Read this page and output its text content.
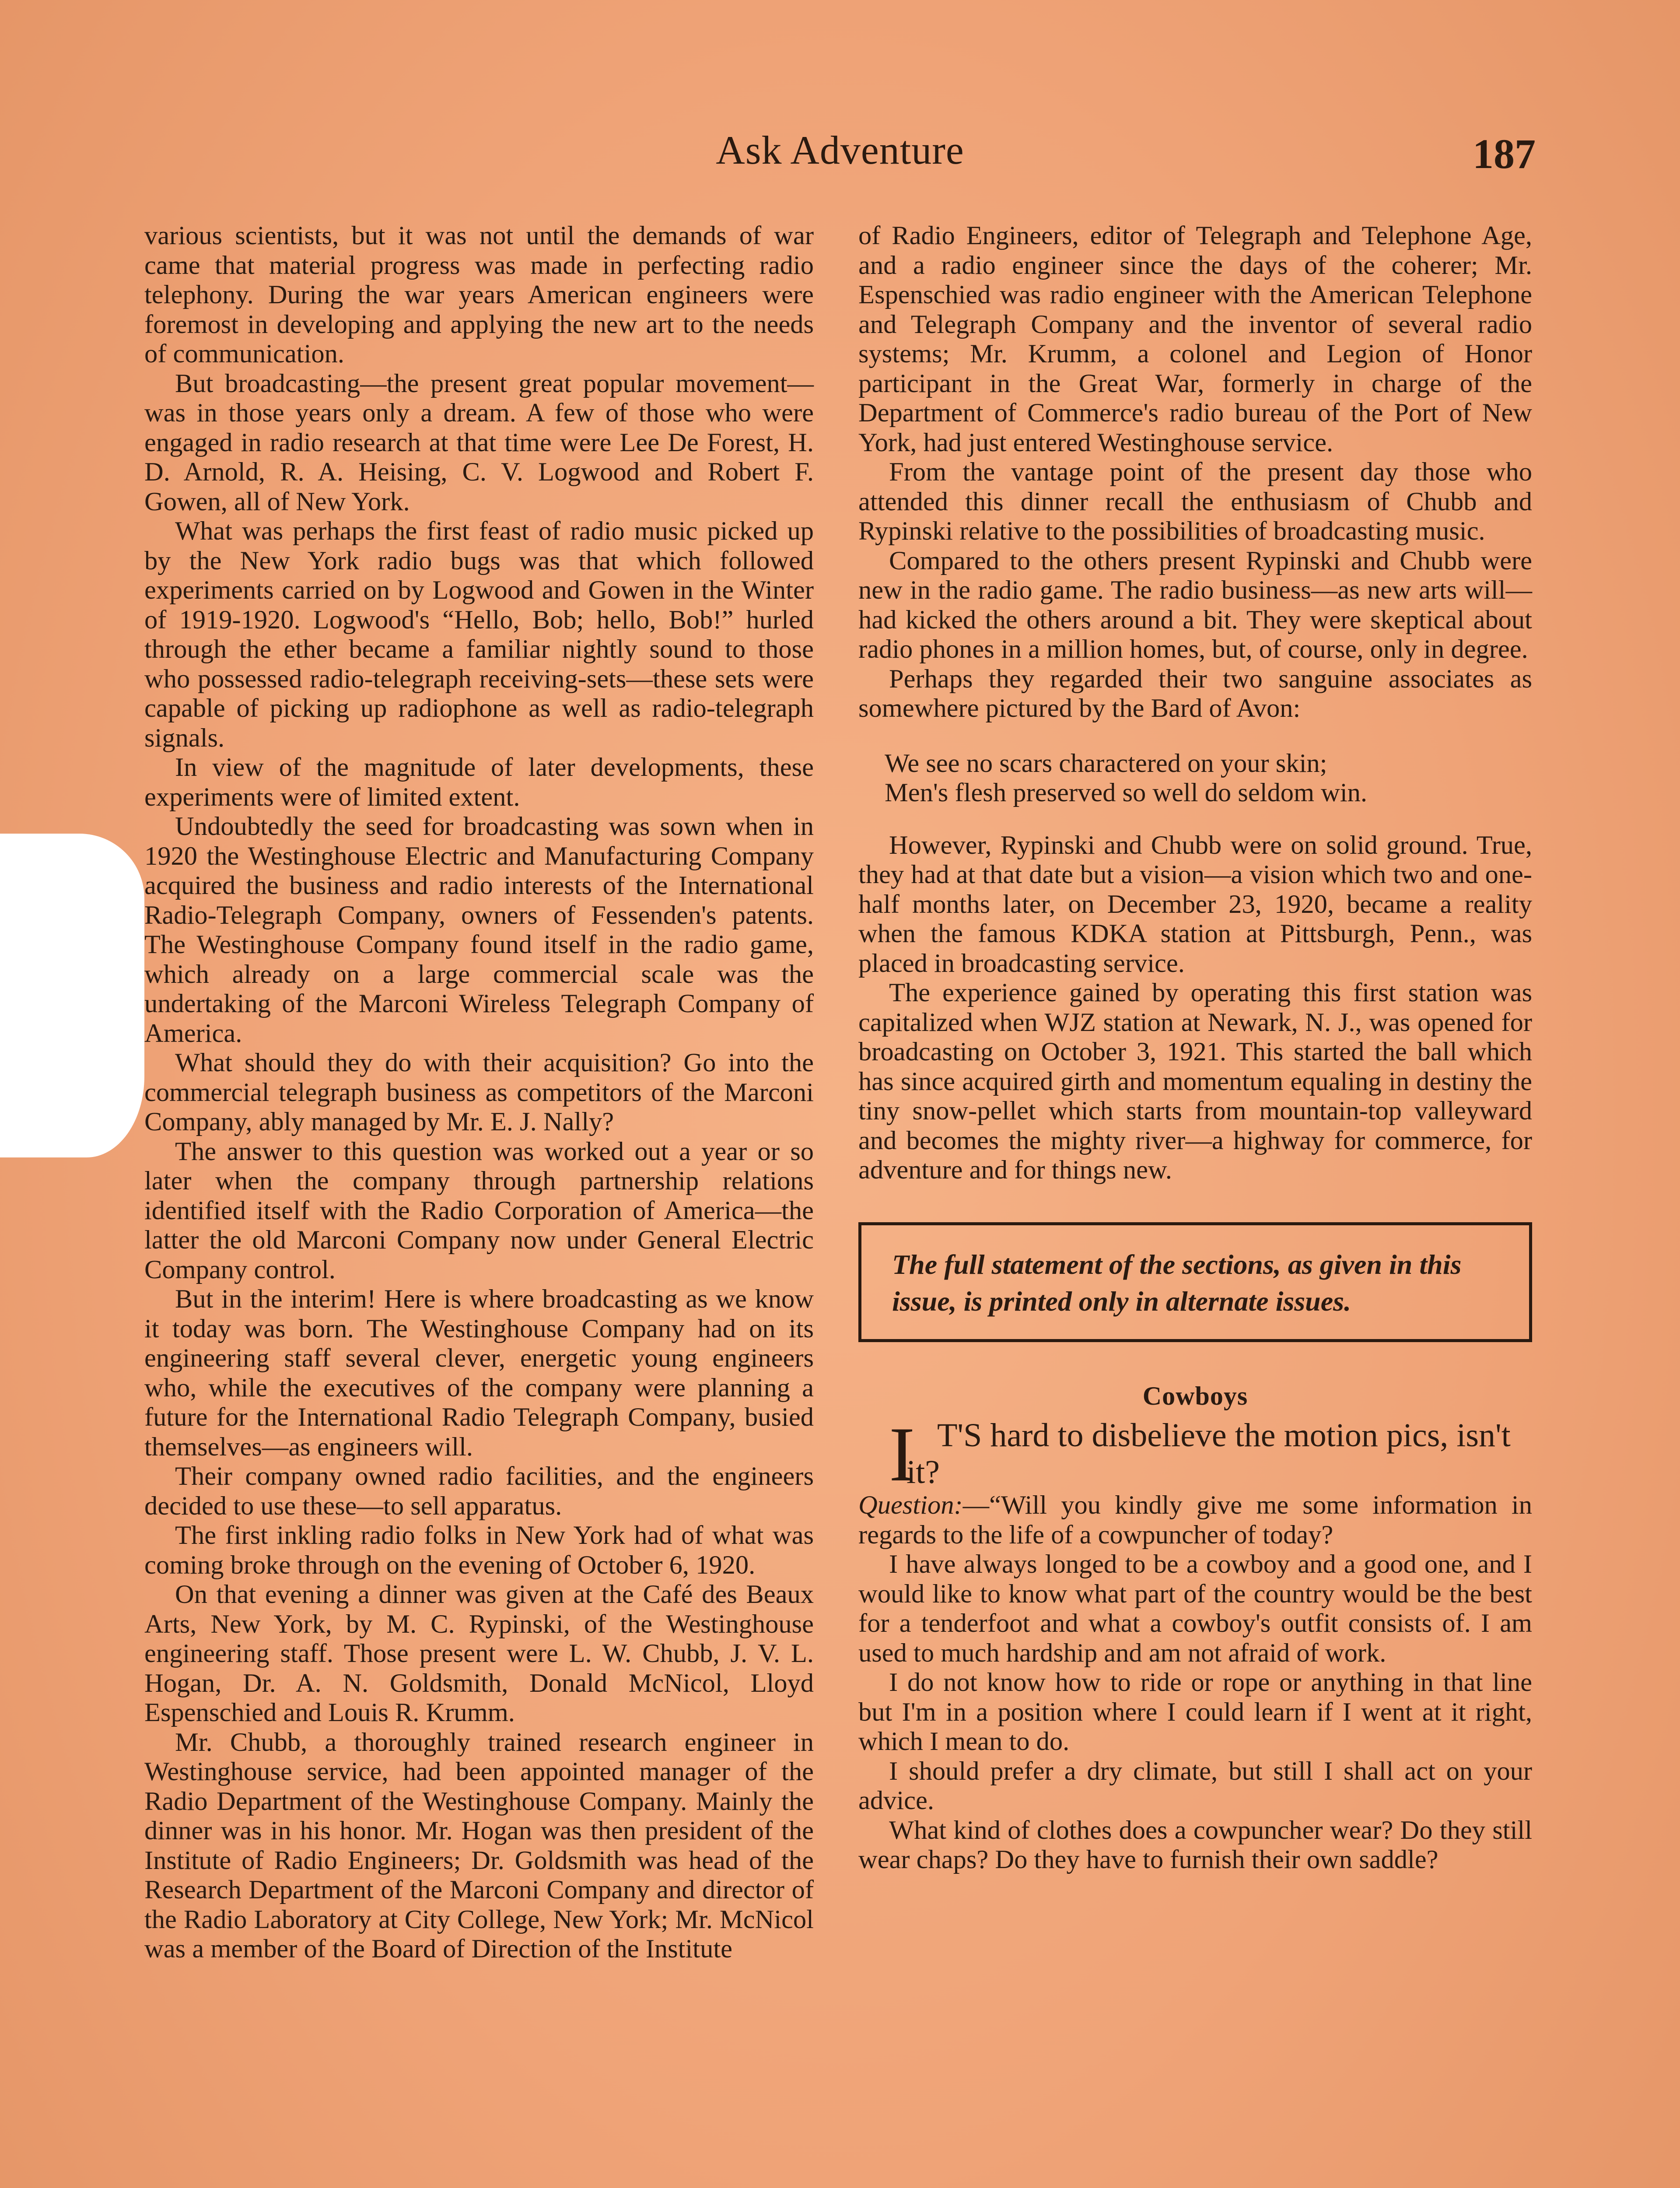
Ask Adventure	187

various scientists, but it was not until the demands of war came that material progress was made in perfecting radio telephony. During the war years American engineers were foremost in developing and applying the new art to the needs of communication.

But broadcasting—the present great popular movement—was in those years only a dream. A few of those who were engaged in radio research at that time were Lee De Forest, H. D. Arnold, R. A. Heising, C. V. Logwood and Robert F. Gowen, all of New York.

What was perhaps the first feast of radio music picked up by the New York radio bugs was that which followed experiments carried on by Logwood and Gowen in the Winter of 1919-1920. Logwood's “Hello, Bob; hello, Bob!” hurled through the ether became a familiar nightly sound to those who possessed radio-telegraph receiving-sets—these sets were capable of picking up radiophone as well as radio-telegraph signals.

In view of the magnitude of later developments, these experiments were of limited extent.

Undoubtedly the seed for broadcasting was sown when in 1920 the Westinghouse Electric and Manufacturing Company acquired the business and radio interests of the International Radio-Telegraph Company, owners of Fessenden's patents. The Westinghouse Company found itself in the radio game, which already on a large commercial scale was the undertaking of the Marconi Wireless Telegraph Company of America.

What should they do with their acquisition? Go into the commercial telegraph business as competitors of the Marconi Company, ably managed by Mr. E. J. Nally?

The answer to this question was worked out a year or so later when the company through partnership relations identified itself with the Radio Corporation of America—the latter the old Marconi Company now under General Electric Company control.

But in the interim! Here is where broadcasting as we know it today was born. The Westinghouse Company had on its engineering staff several clever, energetic young engineers who, while the executives of the company were planning a future for the International Radio Telegraph Company, busied themselves—as engineers will.

Their company owned radio facilities, and the engineers decided to use these—to sell apparatus.

The first inkling radio folks in New York had of what was coming broke through on the evening of October 6, 1920.

On that evening a dinner was given at the Café des Beaux Arts, New York, by M. C. Rypinski, of the Westinghouse engineering staff. Those present were L. W. Chubb, J. V. L. Hogan, Dr. A. N. Goldsmith, Donald McNicol, Lloyd Espenschied and Louis R. Krumm.

Mr. Chubb, a thoroughly trained research engineer in Westinghouse service, had been appointed manager of the Radio Department of the Westinghouse Company. Mainly the dinner was in his honor. Mr. Hogan was then president of the Institute of Radio Engineers; Dr. Goldsmith was head of the Research Department of the Marconi Company and director of the Radio Laboratory at City College, New York; Mr. McNicol was a member of the Board of Direction of the Institute

of Radio Engineers, editor of Telegraph and Telephone Age, and a radio engineer since the days of the coherer; Mr. Espenschied was radio engineer with the American Telephone and Telegraph Company and the inventor of several radio systems; Mr. Krumm, a colonel and Legion of Honor participant in the Great War, formerly in charge of the Department of Commerce's radio bureau of the Port of New York, had just entered Westinghouse service.

From the vantage point of the present day those who attended this dinner recall the enthusiasm of Chubb and Rypinski relative to the possibilities of broadcasting music.

Compared to the others present Rypinski and Chubb were new in the radio game. The radio business—as new arts will—had kicked the others around a bit. They were skeptical about radio phones in a million homes, but, of course, only in degree.

Perhaps they regarded their two sanguine associates as somewhere pictured by the Bard of Avon:

We see no scars charactered on your skin;
Men's flesh preserved so well do seldom win.

However, Rypinski and Chubb were on solid ground. True, they had at that date but a vision—a vision which two and one-half months later, on December 23, 1920, became a reality when the famous KDKA station at Pittsburgh, Penn., was placed in broadcasting service.

The experience gained by operating this first station was capitalized when WJZ station at Newark, N. J., was opened for broadcasting on October 3, 1921. This started the ball which has since acquired girth and momentum equaling in destiny the tiny snow-pellet which starts from mountain-top valleyward and becomes the mighty river—a highway for commerce, for adventure and for things new.

The full statement of the sections, as given in this issue, is printed only in alternate issues.
Cowboys

I T'S hard to disbelieve the motion pics, isn't it?

Question:—“Will you kindly give me some information in regards to the life of a cowpuncher of today?

I have always longed to be a cowboy and a good one, and I would like to know what part of the country would be the best for a tenderfoot and what a cowboy's outfit consists of. I am used to much hardship and am not afraid of work.

I do not know how to ride or rope or anything in that line but I'm in a position where I could learn if I went at it right, which I mean to do.

I should prefer a dry climate, but still I shall act on your advice.

What kind of clothes does a cowpuncher wear? Do they still wear chaps? Do they have to furnish their own saddle?
